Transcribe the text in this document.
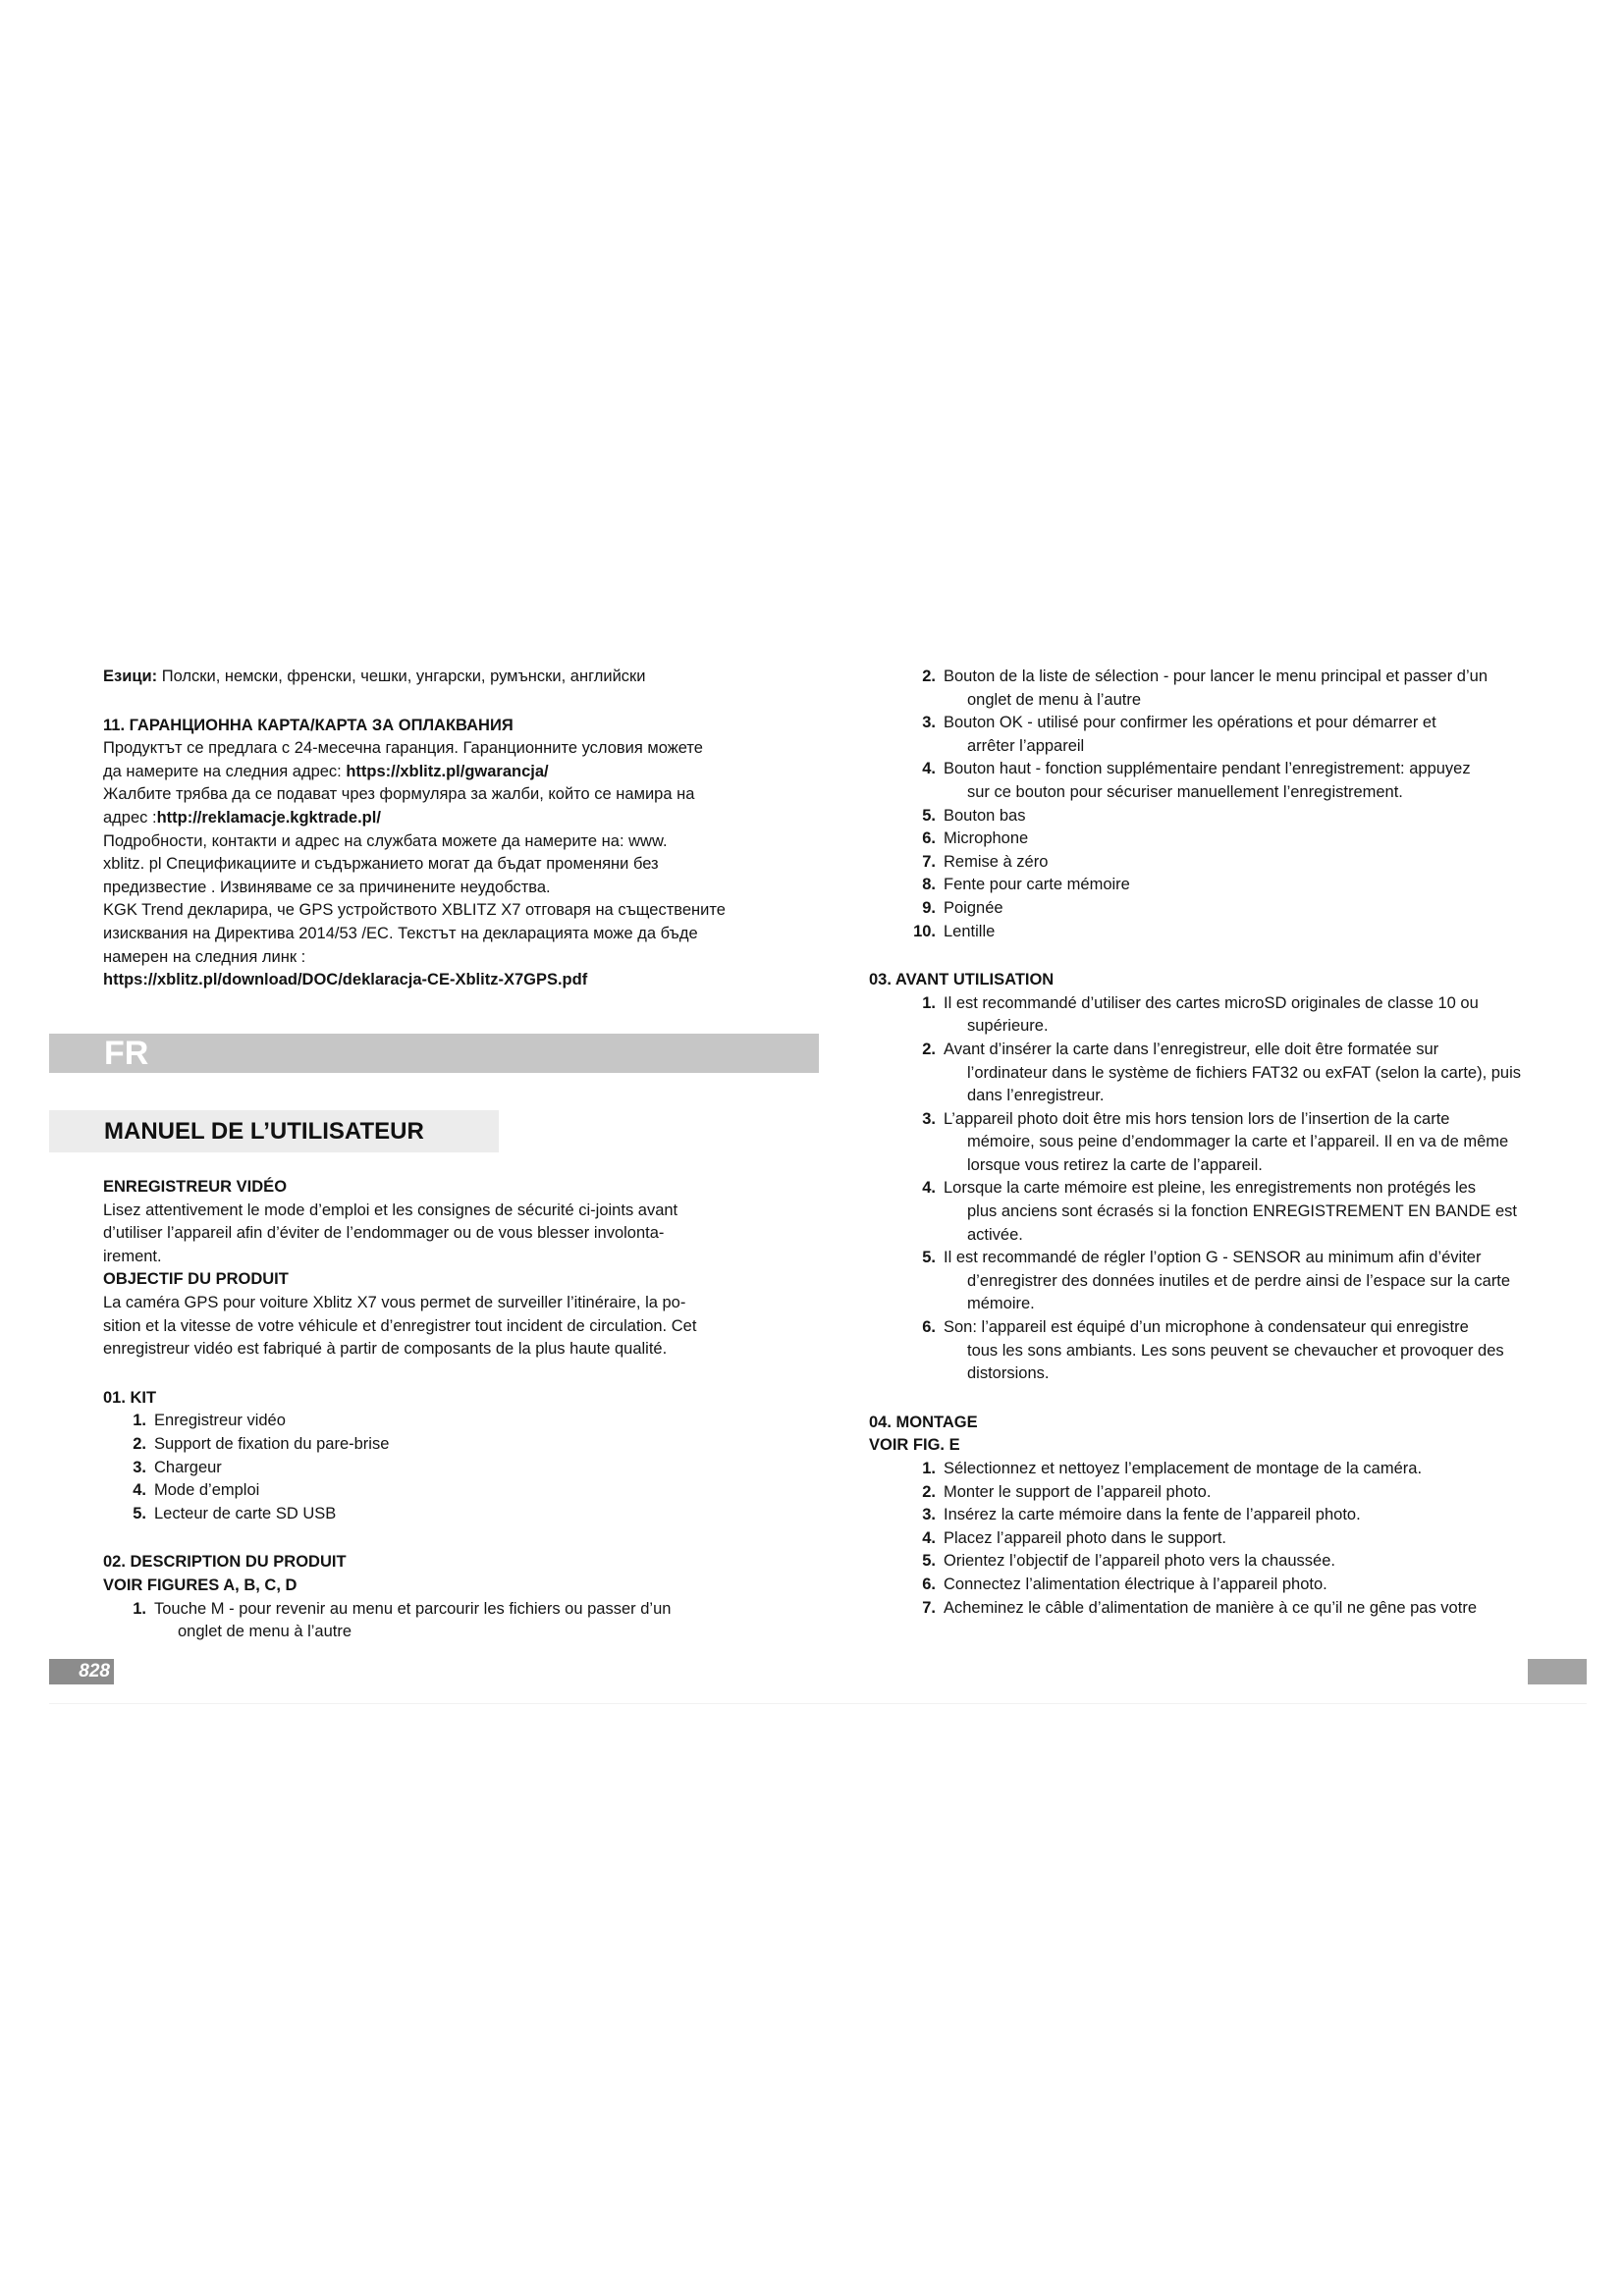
Езици: Полски, немски, френски, чешки, унгарски, румънски, английски

11. ГАРАНЦИОННА КАРТА/КАРТА ЗА ОПЛАКВАНИЯ

Продуктът се предлага с 24-месечна гаранция. Гаранционните условия можете

да намерите на следния адрес: https://xblitz.pl/gwarancja/

Жалбите трябва да се подават чрез формуляра за жалби, който се намира на

адрес :http://reklamacje.kgktrade.pl/

Подробности, контакти и адрес на службата можете да намерите на: www.

xblitz. pl Спецификациите и съдържанието могат да бъдат променяни без

предизвестие . Извиняваме се за причинените неудобства.

KGK Trend декларира, че GPS устройството XBLITZ X7 отговаря на съществените

изисквания на Директива 2014/53 /ЕС. Текстът на декларацията може да бъде

намерен на следния линк :

https://xblitz.pl/download/DOC/deklaracja-CE-Xblitz-X7GPS.pdf

FR
MANUEL DE L’UTILISATEUR

ENREGISTREUR VIDÉO

Lisez attentivement le mode d’emploi et les consignes de sécurité ci-joints avant

d’utiliser l’appareil afin d’éviter de l’endommager ou de vous blesser involonta-

irement.

OBJECTIF DU PRODUIT

La caméra GPS pour voiture Xblitz X7 vous permet de surveiller l’itinéraire, la po-

sition et la vitesse de votre véhicule et d’enregistrer tout incident de circulation. Cet

enregistreur vidéo est fabriqué à partir de composants de la plus haute qualité.

01. KIT

1. Enregistreur vidéo
2. Support de fixation du pare-brise
3. Chargeur
4. Mode d’emploi
5. Lecteur de carte SD USB

02. DESCRIPTION DU PRODUIT

VOIR FIGURES A, B, C, D

1. Touche M - pour revenir au menu et parcourir les fichiers ou passer d’un
onglet de menu à l’autre
2. Bouton de la liste de sélection - pour lancer le menu principal et passer d’un
onglet de menu à l’autre
3. Bouton OK - utilisé pour confirmer les opérations et pour démarrer et
arrêter l’appareil
4. Bouton haut - fonction supplémentaire pendant l’enregistrement: appuyez
sur ce bouton pour sécuriser manuellement l’enregistrement.
5. Bouton bas
6. Microphone
7. Remise à zéro
8. Fente pour carte mémoire
9. Poignée
10. Lentille

03. AVANT UTILISATION

1. Il est recommandé d’utiliser des cartes microSD originales de classe 10 ou
supérieure.
2. Avant d’insérer la carte dans l’enregistreur, elle doit être formatée sur
l’ordinateur dans le système de fichiers FAT32 ou exFAT (selon la carte), puis
dans l’enregistreur.
3. L’appareil photo doit être mis hors tension lors de l’insertion de la carte
mémoire, sous peine d’endommager la carte et l’appareil. Il en va de même
lorsque vous retirez la carte de l’appareil.
4. Lorsque la carte mémoire est pleine, les enregistrements non protégés les
plus anciens sont écrasés si la fonction ENREGISTREMENT EN BANDE est
activée.
5. Il est recommandé de régler l’option G - SENSOR au minimum afin d’éviter
d’enregistrer des données inutiles et de perdre ainsi de l’espace sur la carte
mémoire.
6. Son: l’appareil est équipé d’un microphone à condensateur qui enregistre
tous les sons ambiants. Les sons peuvent se chevaucher et provoquer des
distorsions.

04. MONTAGE

VOIR FIG. E

1. Sélectionnez et nettoyez l’emplacement de montage de la caméra.
2. Monter le support de l’appareil photo.
3. Insérez la carte mémoire dans la fente de l’appareil photo.
4. Placez l’appareil photo dans le support.
5. Orientez l’objectif de l’appareil photo vers la chaussée.
6. Connectez l’alimentation électrique à l’appareil photo.
7. Acheminez le câble d’alimentation de manière à ce qu’il ne gêne pas votre
828
